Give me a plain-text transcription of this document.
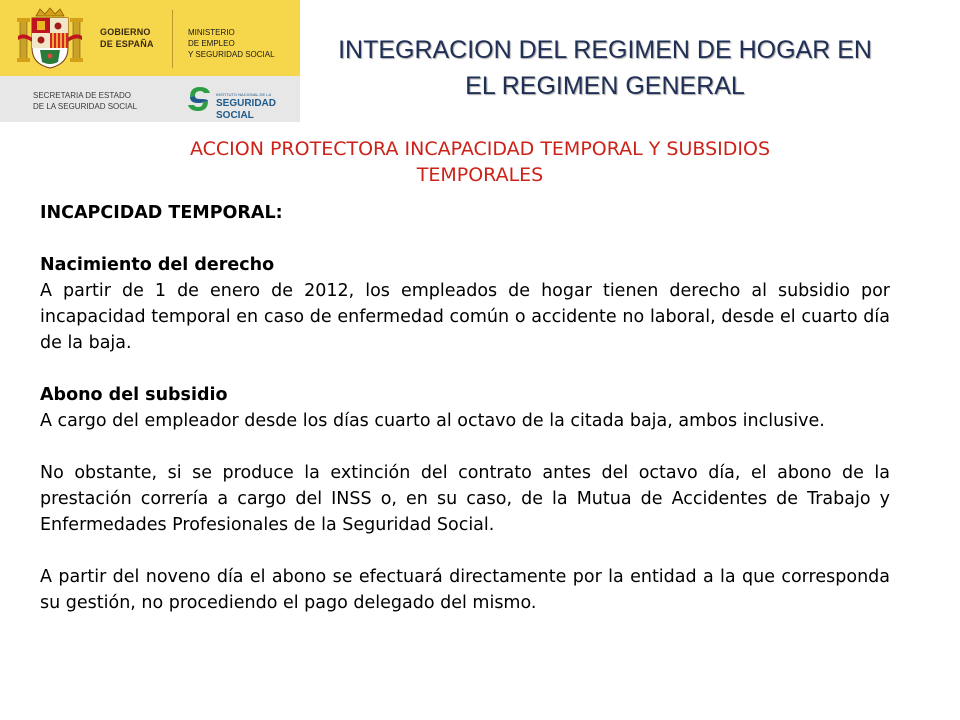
GOBIERNO
DE ESPAÑA
MINISTERIO
DE EMPLEO
Y SEGURIDAD SOCIAL
SECRETARIA DE ESTADO
DE LA SEGURIDAD SOCIAL
INSTITUTO NACIONAL DE LA
SEGURIDAD SOCIAL
INTEGRACION DEL REGIMEN DE HOGAR EN
EL REGIMEN GENERAL
ACCION PROTECTORA INCAPACIDAD TEMPORAL Y SUBSIDIOS
TEMPORALES

INCAPCIDAD TEMPORAL:

Nacimiento del derecho

A partir de 1 de enero de 2012, los empleados de hogar tienen derecho al subsidio por incapacidad temporal en caso de enfermedad común o accidente no laboral, desde el cuarto día de la baja.

Abono del subsidio

A cargo del empleador desde los días cuarto al octavo de la citada baja, ambos inclusive.

No obstante, si se produce la extinción del contrato antes del octavo día, el abono de la prestación correría a cargo del INSS o, en su caso, de la Mutua de Accidentes de Trabajo y Enfermedades Profesionales de la Seguridad Social.

A partir del noveno día el abono se efectuará directamente por la entidad a la que corresponda su gestión, no procediendo el pago delegado del mismo.
